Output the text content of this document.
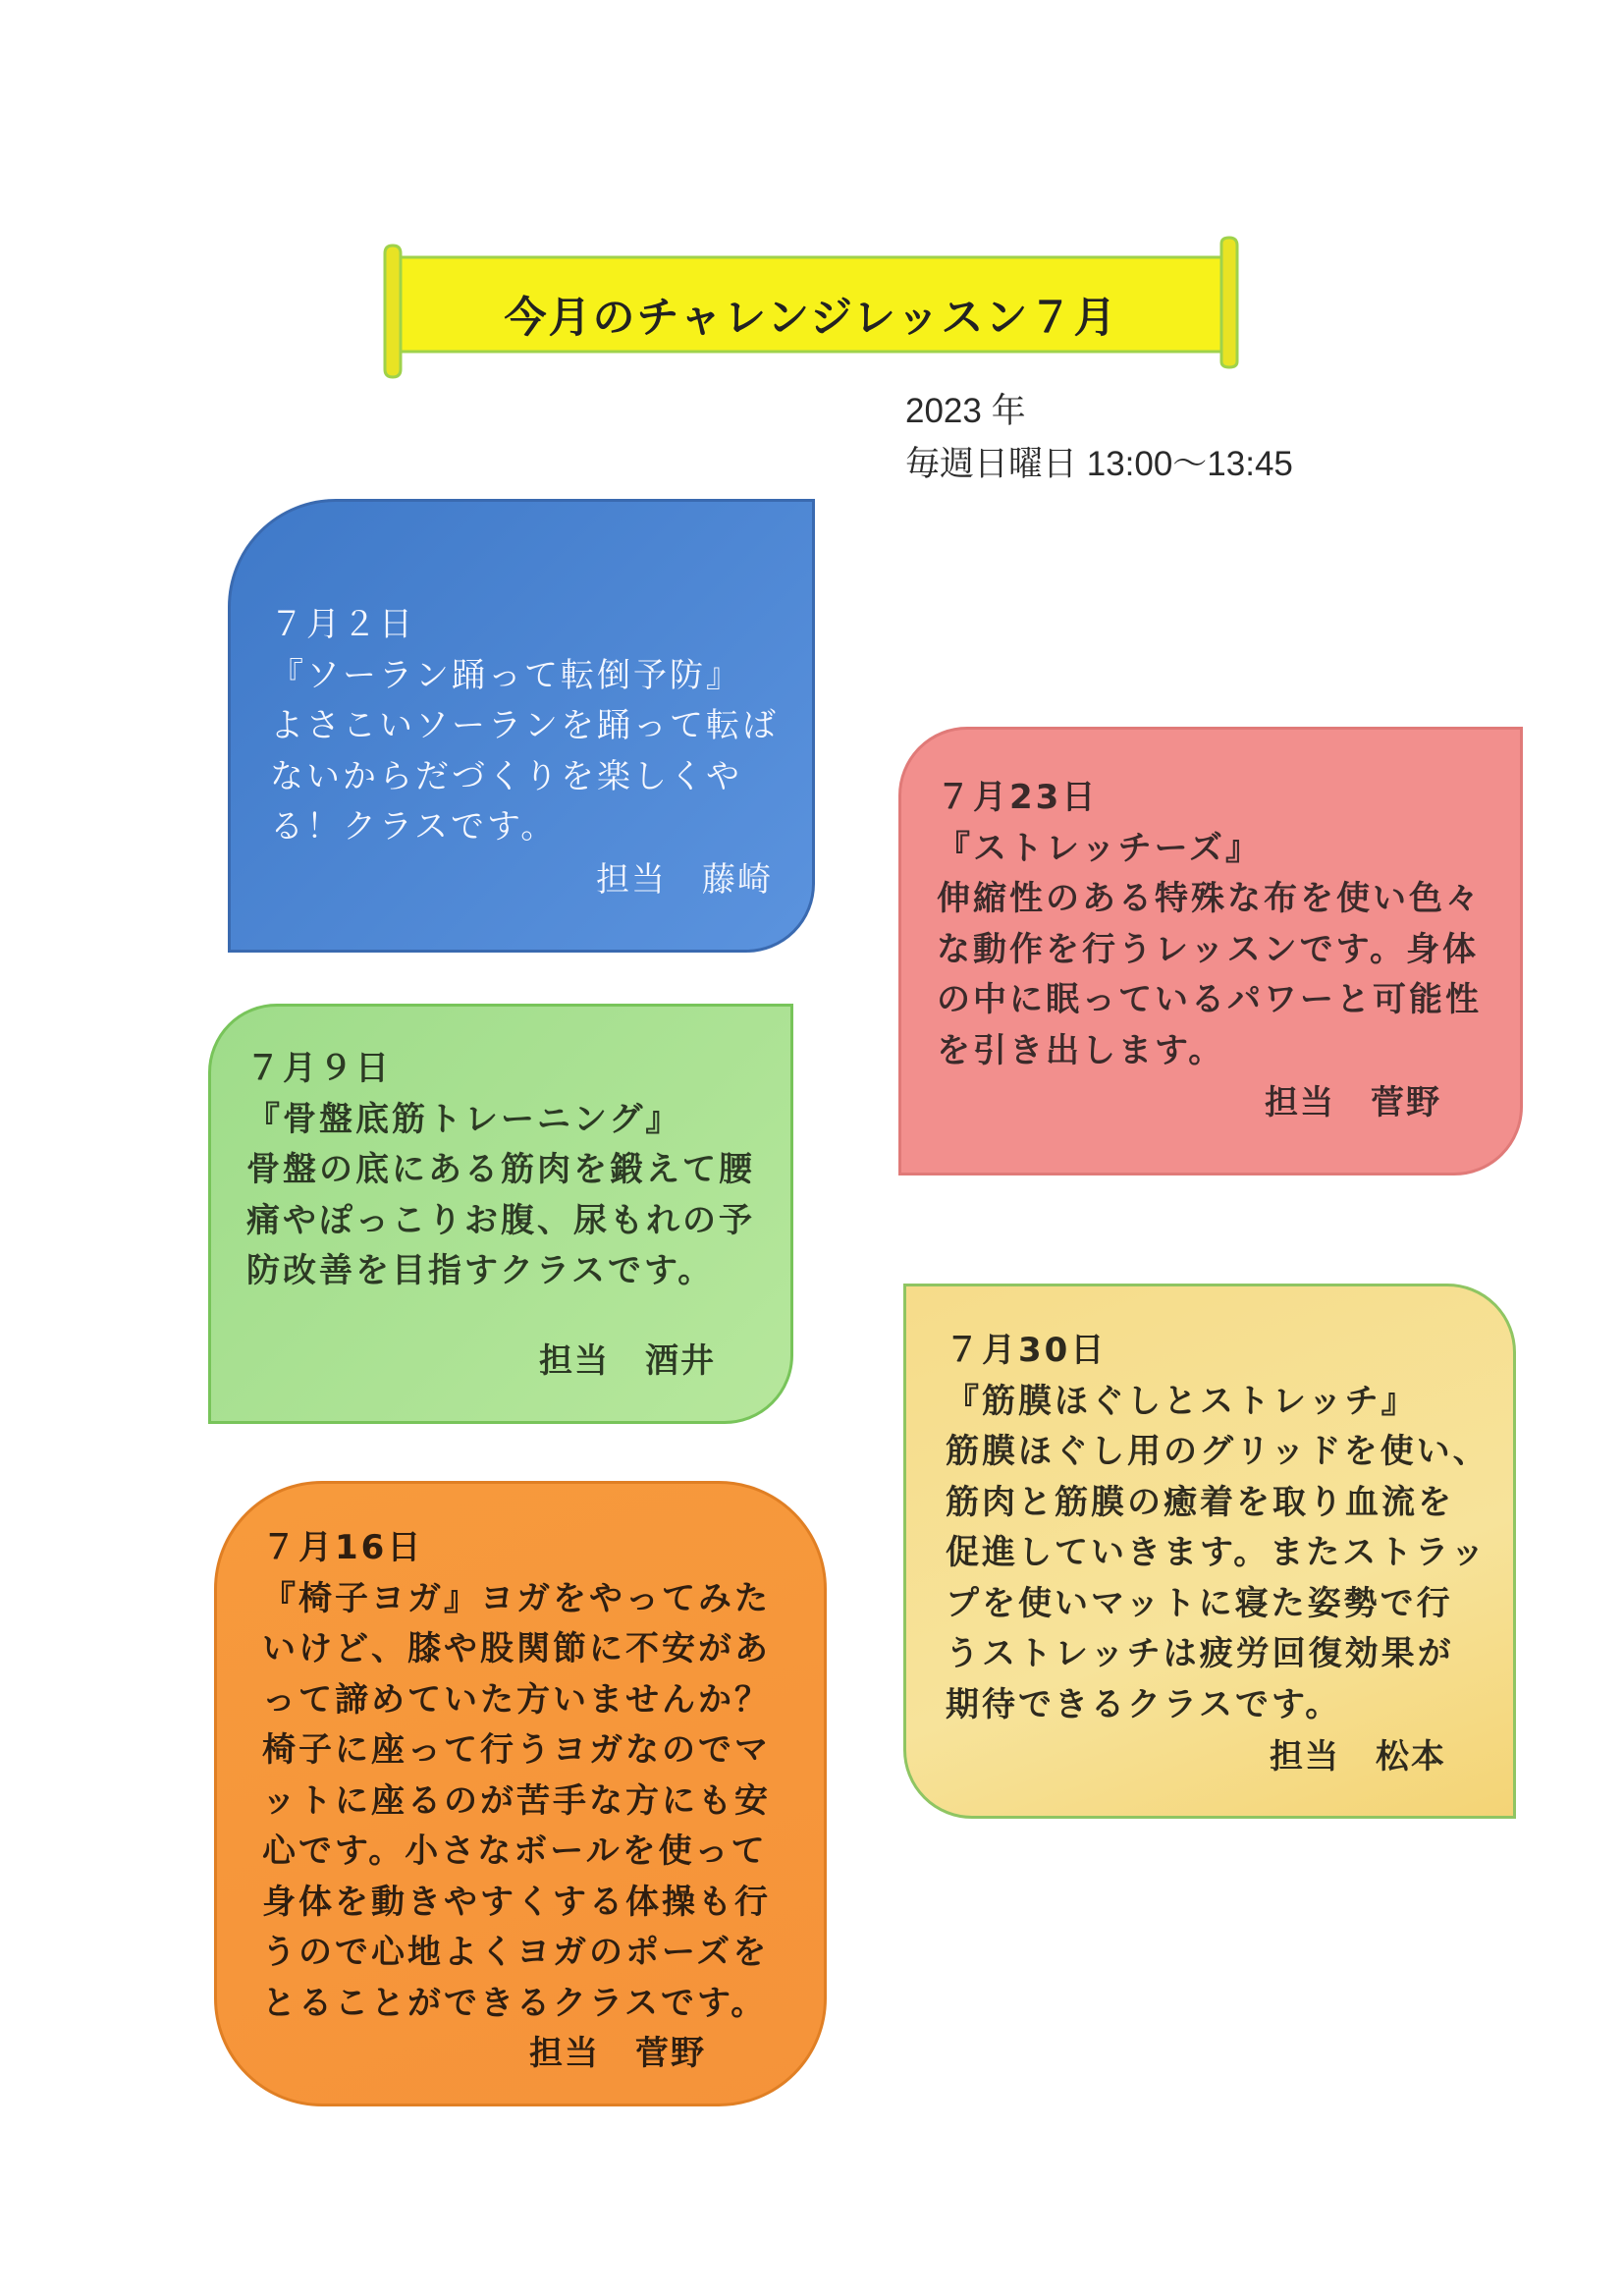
今月のチャレンジレッスン７月
2023 年
毎週日曜日 13:00～13:45
７月２日
『ソーラン踊って転倒予防』
よさこいソーランを踊って転ば
ないからだづくりを楽しくや
る！クラスです。
担当　藤崎
７月23日
『ストレッチーズ』
伸縮性のある特殊な布を使い色々
な動作を行うレッスンです。身体
の中に眠っているパワーと可能性
を引き出します。
担当　菅野
７月９日
『骨盤底筋トレーニング』
骨盤の底にある筋肉を鍛えて腰
痛やぽっこりお腹、尿もれの予
防改善を目指すクラスです。
担当　酒井	７月30日
『筋膜ほぐしとストレッチ』
筋膜ほぐし用のグリッドを使い、
筋肉と筋膜の癒着を取り血流を
促進していきます。またストラッ
プを使いマットに寝た姿勢で行
うストレッチは疲労回復効果が
期待できるクラスです。
担当　松本
７月16日
『椅子ヨガ』ヨガをやってみた
いけど、膝や股関節に不安があ
って諦めていた方いませんか？
椅子に座って行うヨガなのでマ
ットに座るのが苦手な方にも安
心です。小さなボールを使って
身体を動きやすくする体操も行
うので心地よくヨガのポーズを
とることができるクラスです。
担当　菅野
